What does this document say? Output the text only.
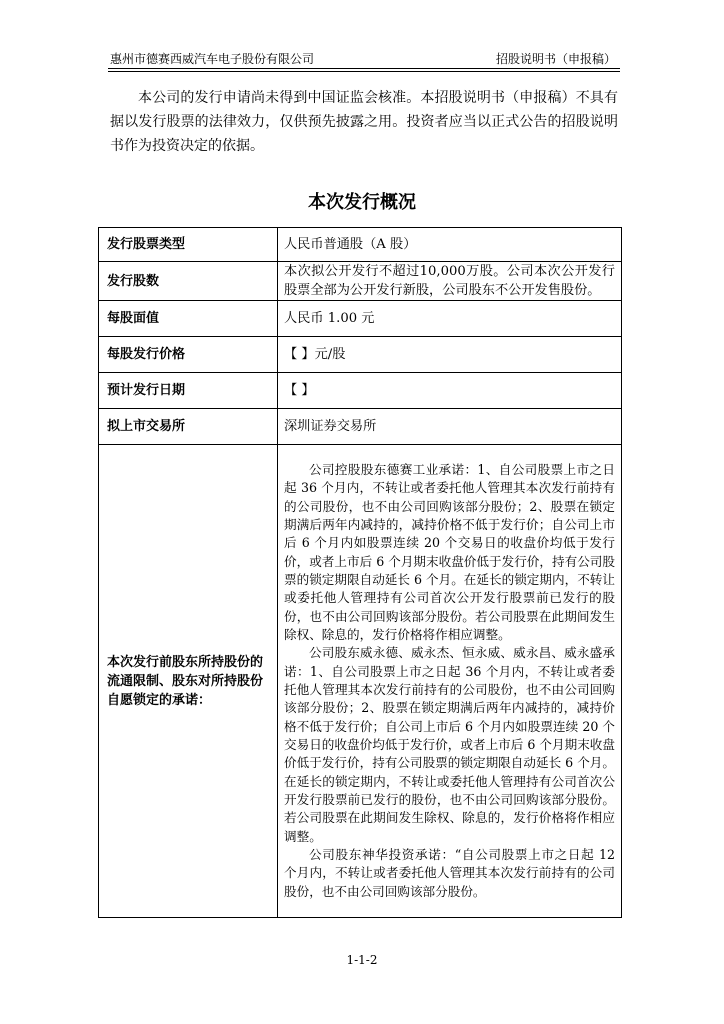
惠州市德赛西威汽车电子股份有限公司	招股说明书（申报稿）
本公司的发行申请尚未得到中国证监会核准。本招股说明书（申报稿）不具有据以发行股票的法律效力，仅供预先披露之用。投资者应当以正式公告的招股说明书作为投资决定的依据。
本次发行概况
发行股票类型	人民币普通股（A 股）
发行股数	本次拟公开发行不超过10,000万股。公司本次公开发行股票全部为公开发行新股，公司股东不公开发售股份。
每股面值	人民币 1.00 元
每股发行价格	【 】元/股
预计发行日期	【 】
拟上市交易所	深圳证券交易所
本次发行前股东所持股份的流通限制、股东对所持股份自愿锁定的承诺：	公司控股股东德赛工业承诺：1、自公司股票上市之日起 36 个月内，不转让或者委托他人管理其本次发行前持有的公司股份，也不由公司回购该部分股份；2、股票在锁定期满后两年内减持的，减持价格不低于发行价；自公司上市后 6 个月内如股票连续 20 个交易日的收盘价均低于发行价，或者上市后 6 个月期末收盘价低于发行价，持有公司股票的锁定期限自动延长 6 个月。在延长的锁定期内，不转让或委托他人管理持有公司首次公开发行股票前已发行的股份，也不由公司回购该部分股份。若公司股票在此期间发生除权、除息的，发行价格将作相应调整。

公司股东威永德、威永杰、恒永威、威永昌、威永盛承诺：1、自公司股票上市之日起 36 个月内，不转让或者委托他人管理其本次发行前持有的公司股份，也不由公司回购该部分股份；2、股票在锁定期满后两年内减持的，减持价格不低于发行价；自公司上市后 6 个月内如股票连续 20 个交易日的收盘价均低于发行价，或者上市后 6 个月期末收盘价低于发行价，持有公司股票的锁定期限自动延长 6 个月。在延长的锁定期内，不转让或委托他人管理持有公司首次公开发行股票前已发行的股份，也不由公司回购该部分股份。若公司股票在此期间发生除权、除息的，发行价格将作相应调整。

公司股东神华投资承诺：“自公司股票上市之日起 12 个月内，不转让或者委托他人管理其本次发行前持有的公司股份，也不由公司回购该部分股份。

1-1-2
